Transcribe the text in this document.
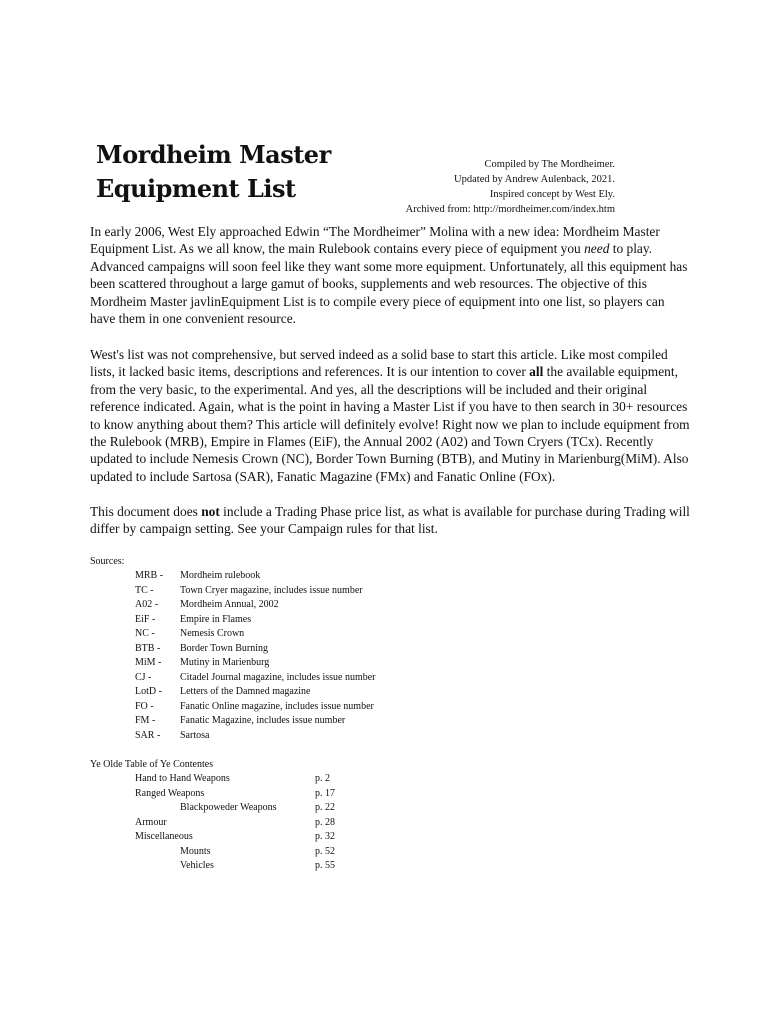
Mordheim Master
Equipment List
Compiled by The Mordheimer.
Updated by Andrew Aulenback, 2021.
Inspired concept by West Ely.
Archived from: http://mordheimer.com/index.htm

In early 2006, West Ely approached Edwin “The Mordheimer” Molina with a new idea: Mordheim Master Equipment List. As we all know, the main Rulebook contains every piece of equipment you need to play. Advanced campaigns will soon feel like they want some more equipment. Unfortunately, all this equipment has been scattered throughout a large gamut of books, supplements and web resources. The objective of this Mordheim Master javlinEquipment List is to compile every piece of equipment into one list, so players can have them in one convenient resource.

West's list was not comprehensive, but served indeed as a solid base to start this article. Like most compiled lists, it lacked basic items, descriptions and references. It is our intention to cover all the available equipment, from the very basic, to the experimental. And yes, all the descriptions will be included and their original reference indicated. Again, what is the point in having a Master List if you have to then search in 30+ resources to know anything about them? This article will definitely evolve! Right now we plan to include equipment from the Rulebook (MRB), Empire in Flames (EiF), the Annual 2002 (A02) and Town Cryers (TCx). Recently updated to include Nemesis Crown (NC), Border Town Burning (BTB), and Mutiny in Marienburg(MiM). Also updated to include Sartosa (SAR), Fanatic Magazine (FMx) and Fanatic Online (FOx).

This document does not include a Trading Phase price list, as what is available for purchase during Trading will differ by campaign setting. See your Campaign rules for that list.

Sources:
MRB -	Mordheim rulebook
TC -	Town Cryer magazine, includes issue number
A02 -	Mordheim Annual, 2002
EiF -	Empire in Flames
NC -	Nemesis Crown
BTB -	Border Town Burning
MiM -	Mutiny in Marienburg
CJ -	Citadel Journal magazine, includes issue number
LotD -	Letters of the Damned magazine
FO -	Fanatic Online magazine, includes issue number
FM -	Fanatic Magazine, includes issue number
SAR -	Sartosa
Ye Olde Table of Ye Contentes
Hand to Hand Weapons	p. 2
Ranged Weapons	p. 17
Blackpoweder Weapons	p. 22
Armour	p. 28
Miscellaneous	p. 32
Mounts	p. 52
Vehicles	p. 55
